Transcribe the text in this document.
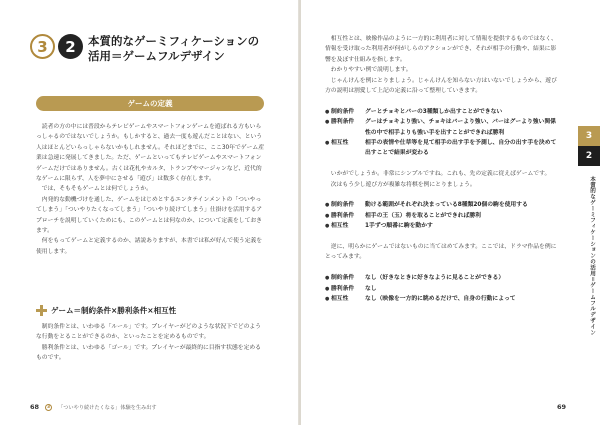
3	2	本質的なゲーミフィケーションの
活用＝ゲームフルデザイン
ゲームの定義

読者の方の中には普段からテレビゲームやスマートフォンゲームを遊ばれる方もいらっしゃるのではないでしょうか。もしかすると、過去一度も遊んだことはない、という人はほとんどいらっしゃらないかもしれません。それほどまでに、ここ30年でゲーム産業は急速に発展してきました。ただ、ゲームといってもテレビゲームやスマートフォンゲームだけではありません。古くは花札やカルタ、トランプやマージャンなど、近代的なゲームに限らず、人を夢中にさせる「遊び」は数多く存在します。

では、そもそもゲームとは何でしょうか。

内発的な動機づけを通した、ゲームをはじめとするエンタテインメントの「ついやってしまう」「ついやりたくなってしまう」「ついやり続けてしまう」仕掛けを活用するアプローチを説明していくためにも、このゲームとは何なのか、について定義をしておきます。

何をもってゲームと定義するのか、諸説ありますが、本書では私が好んで使う定義を使用します。

ゲーム＝制約条件×勝利条件×相互性

制約条件とは、いわゆる「ルール」です。プレイヤーがどのような状況下でどのような行動をとることができるのか、といったことを定めるものです。

勝利条件とは、いわゆる「ゴール」です。プレイヤーが最終的に目指す状態を定めるものです。

68	3	「ついやり続けたくなる」体験を生み出す

相互性とは、映像作品のように一方的に利用者に対して情報を提供するものではなく、情報を受け取った利用者が何がしらのアクションができ、それが相手の行動や、結果に影響を及ぼす仕組みを指します。

わかりやすい例で説明します。

じゃんけんを例にとりましょう。じゃんけんを知らない方はいないでしょうから、遊び方の説明は割愛して上記の定義に沿って整理していきます。

● 制約条件	グーとチョキとパーの3種類しか出すことができない
● 勝利条件	グーはチョキより強い、チョキはパーより強い、パーはグーより強い関係性の中で相手よりも強い手を出すことができれば勝利
● 相互性	相手の表情や仕草等を見て相手の出す手を予測し、自分の出す手を決めて出すことで結果が変わる

いかがでしょうか。非常にシンプルですね。これも、先の定義に従えばゲームです。

次はもう少し遊び方が複雑な将棋を例にとりましょう。

● 制約条件	動ける範囲がそれぞれ決まっている8種類20個の駒を使用する
● 勝利条件	相手の王（玉）将を取ることができれば勝利
● 相互性	1手ずつ順番に駒を動かす

逆に、明らかにゲームではないものに当てはめてみます。ここでは、ドラマ作品を例にとってみます。

● 制約条件	なし（好きなときに好きなように見ることができる）
● 勝利条件	なし
● 相互性	なし（映像を一方的に眺めるだけで、自身の行動によって
3
2
本質的なゲーミフィケーションの活用＝ゲームフルデザイン
69
